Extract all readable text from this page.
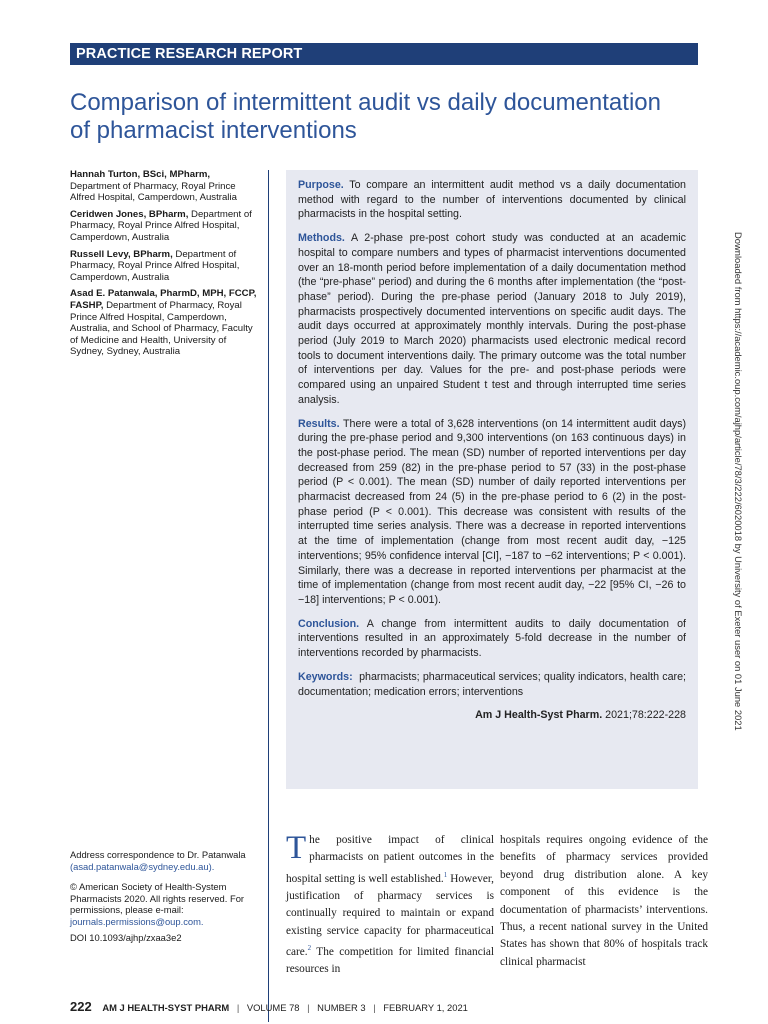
PRACTICE RESEARCH REPORT
Comparison of intermittent audit vs daily documentation
of pharmacist interventions
Hannah Turton, BSci, MPharm,
Department of Pharmacy, Royal Prince Alfred Hospital, Camperdown, Australia
Ceridwen Jones, BPharm, Department of Pharmacy, Royal Prince Alfred Hospital, Camperdown, Australia
Russell Levy, BPharm, Department of Pharmacy, Royal Prince Alfred Hospital, Camperdown, Australia
Asad E. Patanwala, PharmD, MPH, FCCP, FASHP, Department of Pharmacy, Royal Prince Alfred Hospital, Camperdown, Australia, and School of Pharmacy, Faculty of Medicine and Health, University of Sydney, Sydney, Australia

Purpose. To compare an intermittent audit method vs a daily documentation method with regard to the number of interventions documented by clinical pharmacists in the hospital setting.

Methods. A 2-phase pre-post cohort study was conducted at an academic hospital to compare numbers and types of pharmacist interventions documented over an 18-month period before implementation of a daily documentation method (the “pre-phase” period) and during the 6 months after implementation (the “post-phase” period). During the pre-phase period (January 2018 to July 2019), pharmacists prospectively documented interventions on specific audit days. The audit days occurred at approximately monthly intervals. During the post-phase period (July 2019 to March 2020) pharmacists used electronic medical record tools to document interventions daily. The primary outcome was the total number of interventions per day. Values for the pre- and post-phase periods were compared using an unpaired Student t test and through interrupted time series analysis.

Results. There were a total of 3,628 interventions (on 14 intermittent audit days) during the pre-phase period and 9,300 interventions (on 163 continuous days) in the post-phase period. The mean (SD) number of reported interventions per day decreased from 259 (82) in the pre-phase period to 57 (33) in the post-phase period (P < 0.001). The mean (SD) number of daily reported interventions per pharmacist decreased from 24 (5) in the pre-phase period to 6 (2) in the post-phase period (P < 0.001). This decrease was consistent with results of the interrupted time series analysis. There was a decrease in reported interventions at the time of implementation (change from most recent audit day, −125 interventions; 95% confidence interval [CI], −187 to −62 interventions; P < 0.001). Similarly, there was a decrease in reported interventions per pharmacist at the time of implementation (change from most recent audit day, −22 [95% CI, −26 to −18] interventions; P < 0.001).

Conclusion. A change from intermittent audits to daily documentation of interventions resulted in an approximately 5-fold decrease in the number of interventions recorded by pharmacists.

Keywords: pharmacists; pharmaceutical services; quality indicators, health care; documentation; medication errors; interventions

Am J Health-Syst Pharm. 2021;78:222-228	Downloaded from https://academic.oup.com/ajhp/article/78/3/222/6020018 by University of Exeter user on 01 June 2021
Address correspondence to Dr. Patanwala
(asad.patanwala@sydney.edu.au).
© American Society of Health-System Pharmacists 2020. All rights reserved. For permissions, please e-mail: journals.permissions@oup.com.
DOI 10.1093/ajhp/zxaa3e2
The positive impact of clinical pharmacists on patient outcomes in the hospital setting is well established.$^1$ However, justification of pharmacy services is continually required to maintain or expand existing service capacity for pharmaceutical care.$^2$ The competition for limited financial resources in
hospitals requires ongoing evidence of the benefits of pharmacy services provided beyond drug distribution alone. A key component of this evidence is the documentation of pharmacists’ interventions. Thus, a recent national survey in the United States has shown that 80% of hospitals track clinical pharmacist
222 AM J HEALTH-SYST PHARM | VOLUME 78 | NUMBER 3 | FEBRUARY 1, 2021
